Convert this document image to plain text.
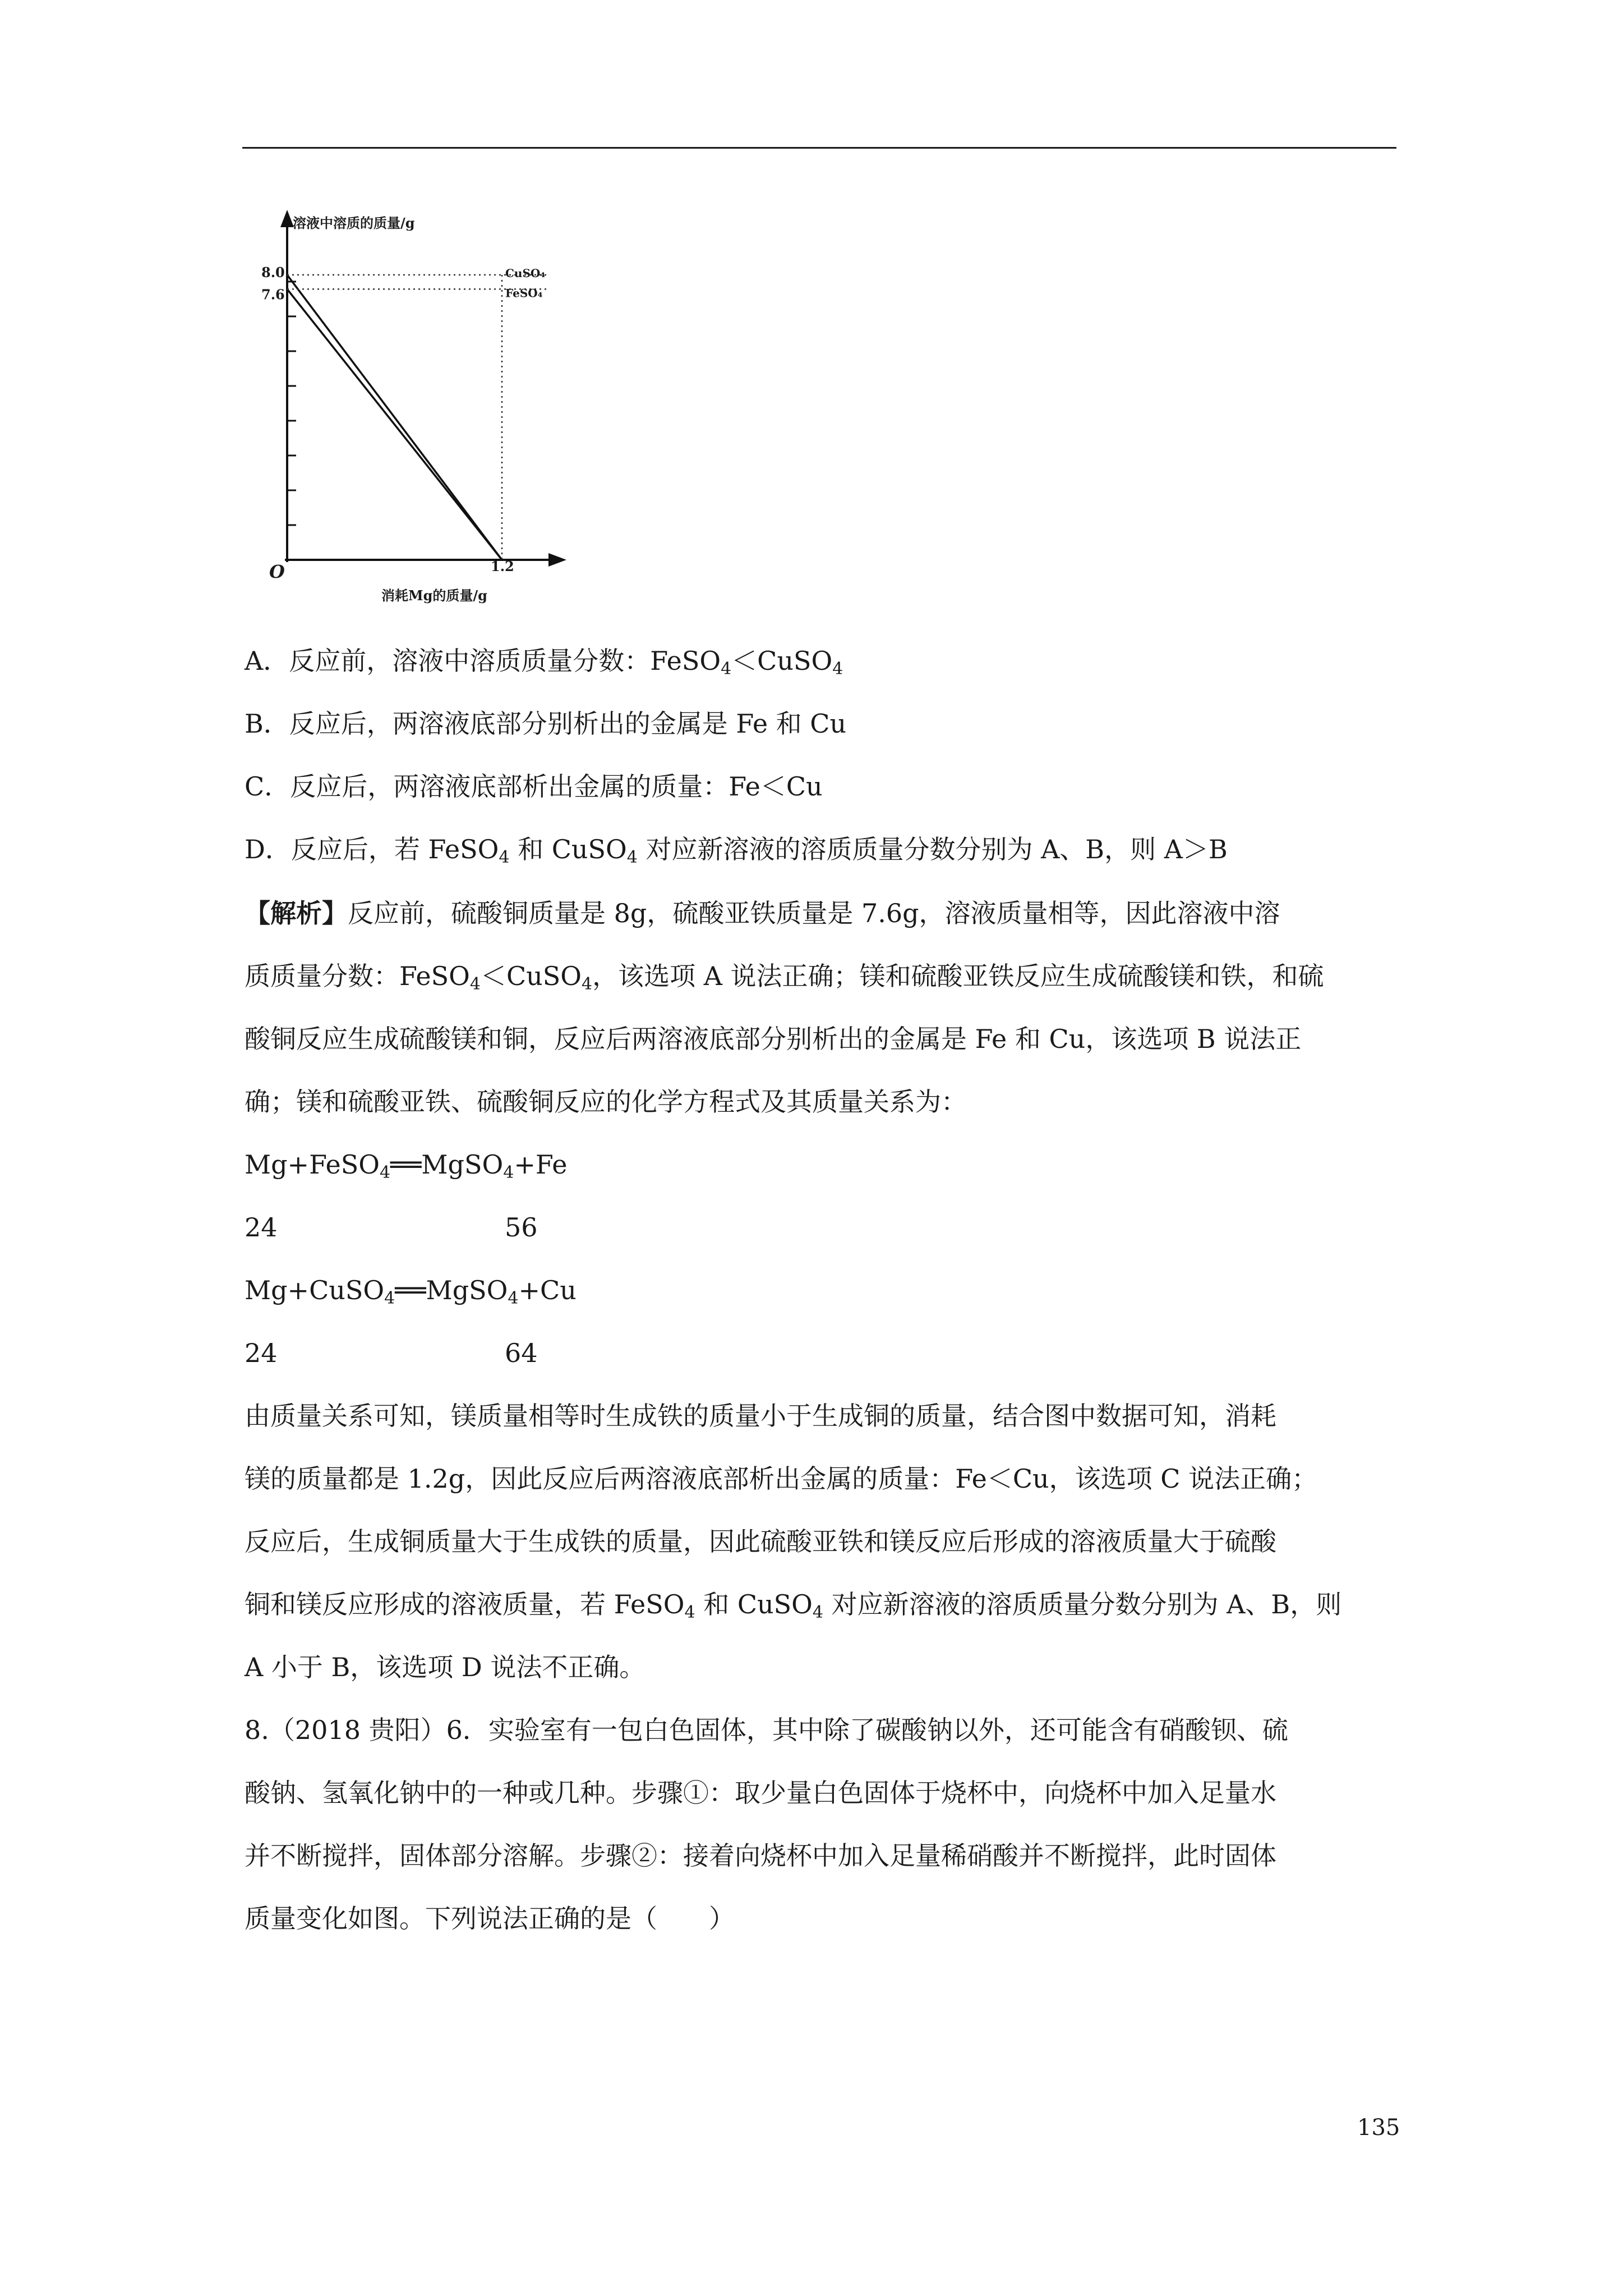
溶液中溶质的质量/g
消耗Mg的质量/g
O
CuSO₄
FeSO₄
8.0
7.6
1.2
A．反应前，溶液中溶质质量分数：FeSO$_4$＜CuSO$_4$
B．反应后，两溶液底部分别析出的金属是 Fe 和 Cu
C．反应后，两溶液底部析出金属的质量：Fe＜Cu
D．反应后，若 FeSO$_4$ 和 CuSO$_4$ 对应新溶液的溶质质量分数分别为 A、B，则 A＞B
【解析】反应前，硫酸铜质量是 8g，硫酸亚铁质量是 7.6g，溶液质量相等，因此溶液中溶
质质量分数：FeSO$_4$＜CuSO$_4$，该选项 A 说法正确；镁和硫酸亚铁反应生成硫酸镁和铁，和硫
酸铜反应生成硫酸镁和铜，反应后两溶液底部分别析出的金属是 Fe 和 Cu，该选项 B 说法正
确；镁和硫酸亚铁、硫酸铜反应的化学方程式及其质量关系为：
Mg+FeSO$_4$══MgSO$_4$+Fe
24	56
Mg+CuSO$_4$══MgSO$_4$+Cu
24	64
由质量关系可知，镁质量相等时生成铁的质量小于生成铜的质量，结合图中数据可知，消耗
镁的质量都是 1.2g，因此反应后两溶液底部析出金属的质量：Fe＜Cu，该选项 C 说法正确；
反应后，生成铜质量大于生成铁的质量，因此硫酸亚铁和镁反应后形成的溶液质量大于硫酸
铜和镁反应形成的溶液质量，若 FeSO$_4$ 和 CuSO$_4$ 对应新溶液的溶质质量分数分别为 A、B，则
A 小于 B，该选项 D 说法不正确。
8.（2018 贵阳）6．实验室有一包白色固体，其中除了碳酸钠以外，还可能含有硝酸钡、硫
酸钠、氢氧化钠中的一种或几种。步骤①：取少量白色固体于烧杯中，向烧杯中加入足量水
并不断搅拌，固体部分溶解。步骤②：接着向烧杯中加入足量稀硝酸并不断搅拌，此时固体
质量变化如图。下列说法正确的是（　　）
135
